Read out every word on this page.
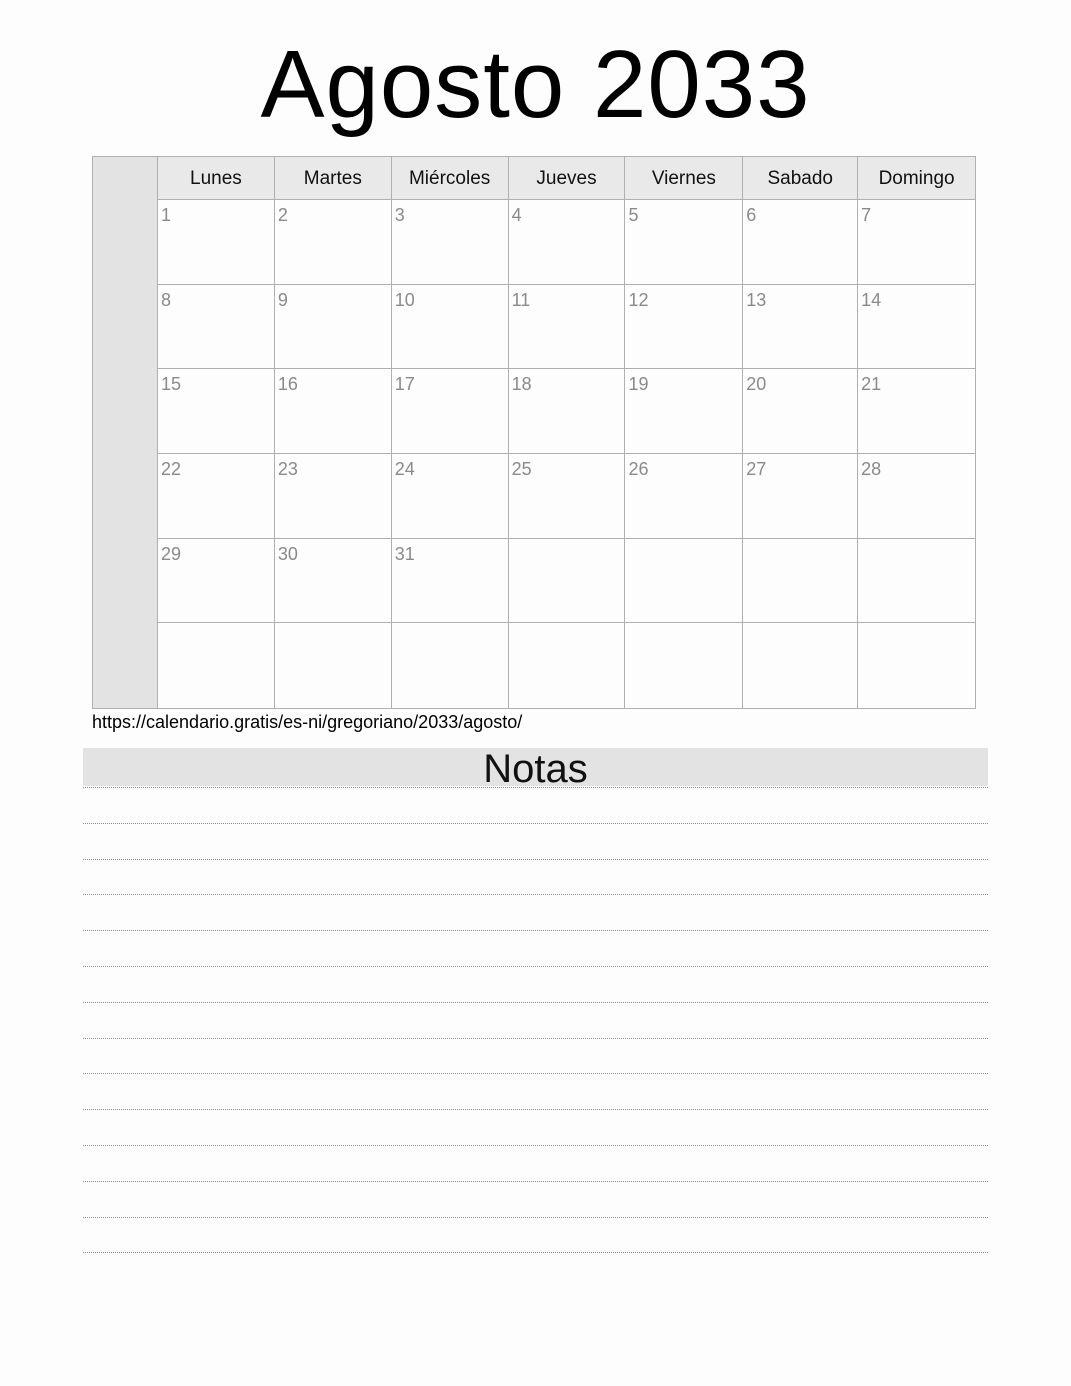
Agosto 2033
Lunes	Martes	Miércoles	Jueves	Viernes	Sabado	Domingo
1	2	3	4	5	6	7
8	9	10	11	12	13	14
15	16	17	18	19	20	21
22	23	24	25	26	27	28
29	30	31
https://calendario.gratis/es-ni/gregoriano/2033/agosto/
Notas
